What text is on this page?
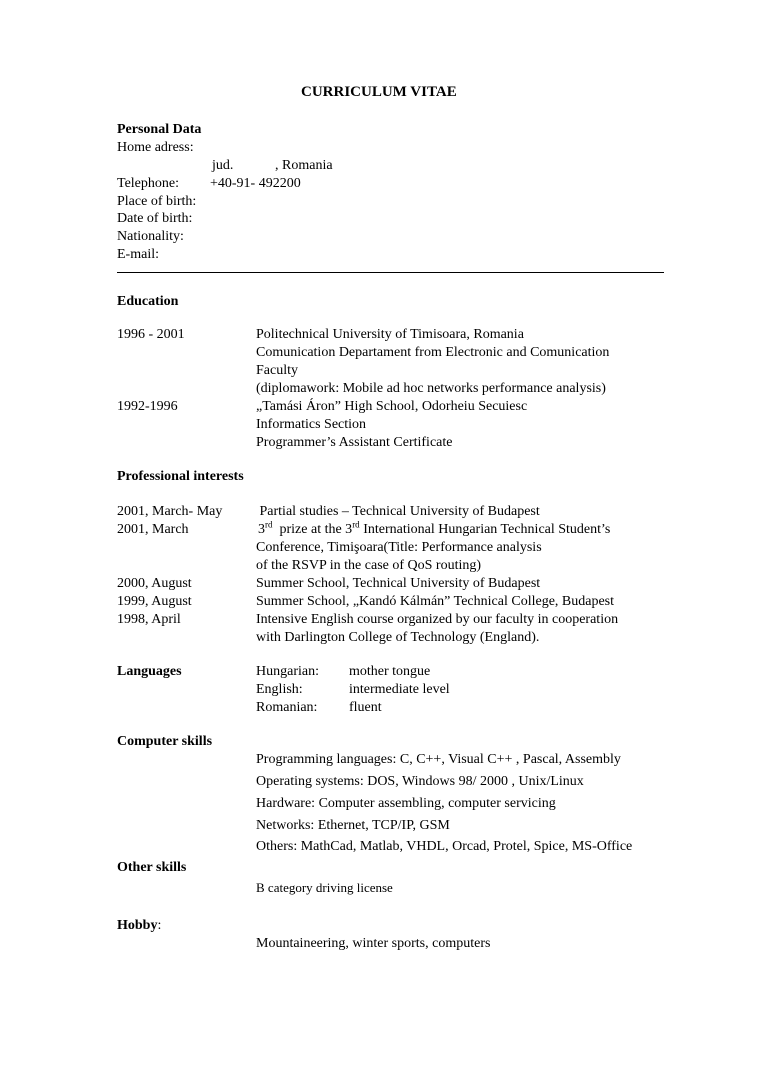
CURRICULUM VITAE
Personal Data
Home adress:
jud.	, Romania
Telephone: +40-91- 492200
Place of birth:
Date of birth:
Nationality:
E-mail:
Education
1996 - 2001	Politechnical University of Timisoara, Romania
Comunication Departament from Electronic and Comunication
Faculty
(diplomawork: Mobile ad hoc networks performance analysis)
1992-1996	„Tamási Áron” High School, Odorheiu Secuiesc
Informatics Section
Programmer’s Assistant Certificate
Professional interests
2001, March- May Partial studies – Technical University of Budapest
2001, March	3rd  prize at the 3rd International Hungarian Technical Student’s
Conference, Timişoara(Title: Performance analysis
of the RSVP in the case of QoS routing)
2000, August	Summer School, Technical University of Budapest
1999, August	Summer School, „Kandó Kálmán” Technical College, Budapest
1998, April	Intensive English course organized by our faculty in cooperation
with Darlington College of Technology (England).
Languages	Hungarian: mother tongue
English:	intermediate level
Romanian: fluent
Computer skills
Programming languages: C, C++, Visual C++ , Pascal, Assembly
Operating systems: DOS, Windows 98/ 2000 , Unix/Linux
Hardware: Computer assembling, computer servicing
Networks: Ethernet, TCP/IP, GSM
Others: MathCad, Matlab, VHDL, Orcad, Protel, Spice, MS-Office
Other skills
B category driving license
Hobby:
Mountaineering, winter sports, computers
